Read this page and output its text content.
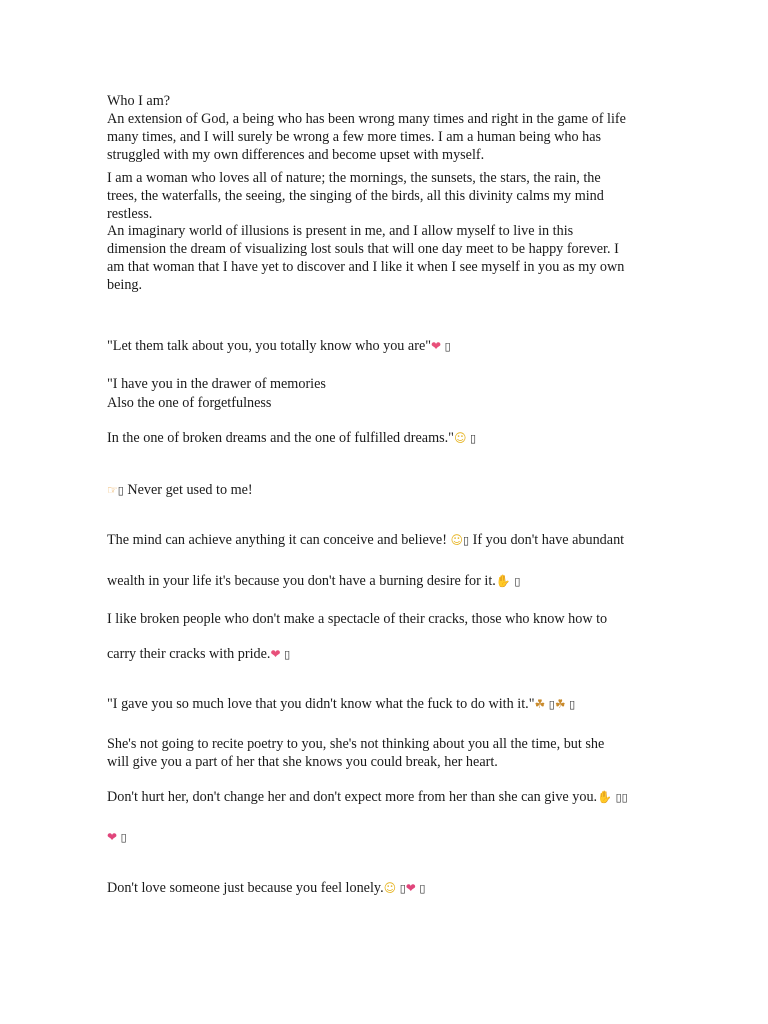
Who I am?
An extension of God, a being who has been wrong many times and right in the game of life
many times, and I will surely be wrong a few more times. I am a human being who has
struggled with my own differences and become upset with myself.
I am a woman who loves all of nature; the mornings, the sunsets, the stars, the rain, the
trees, the waterfalls, the seeing, the singing of the birds, all this divinity calms my mind
restless.
An imaginary world of illusions is present in me, and I allow myself to live in this
dimension the dream of visualizing lost souls that will one day meet to be happy forever. I
am that woman that I have yet to discover and I like it when I see myself in you as my own
being.
"Let them talk about you, you totally know who you are"❤ ▯
"I have you in the drawer of memories
Also the one of forgetfulness
In the one of broken dreams and the one of fulfilled dreams."☺ ▯
☞▯ Never get used to me!
The mind can achieve anything it can conceive and believe! ☺▯ If you don't have abundant
wealth in your life it's because you don't have a burning desire for it.✋ ▯
I like broken people who don't make a spectacle of their cracks, those who know how to
carry their cracks with pride.❤ ▯
"I gave you so much love that you didn't know what the fuck to do with it."☘ ▯☘ ▯
She's not going to recite poetry to you, she's not thinking about you all the time, but she
will give you a part of her that she knows you could break, her heart.
Don't hurt her, don't change her and don't expect more from her than she can give you.✋ ▯▯
❤ ▯
Don't love someone just because you feel lonely.☺ ▯❤ ▯
